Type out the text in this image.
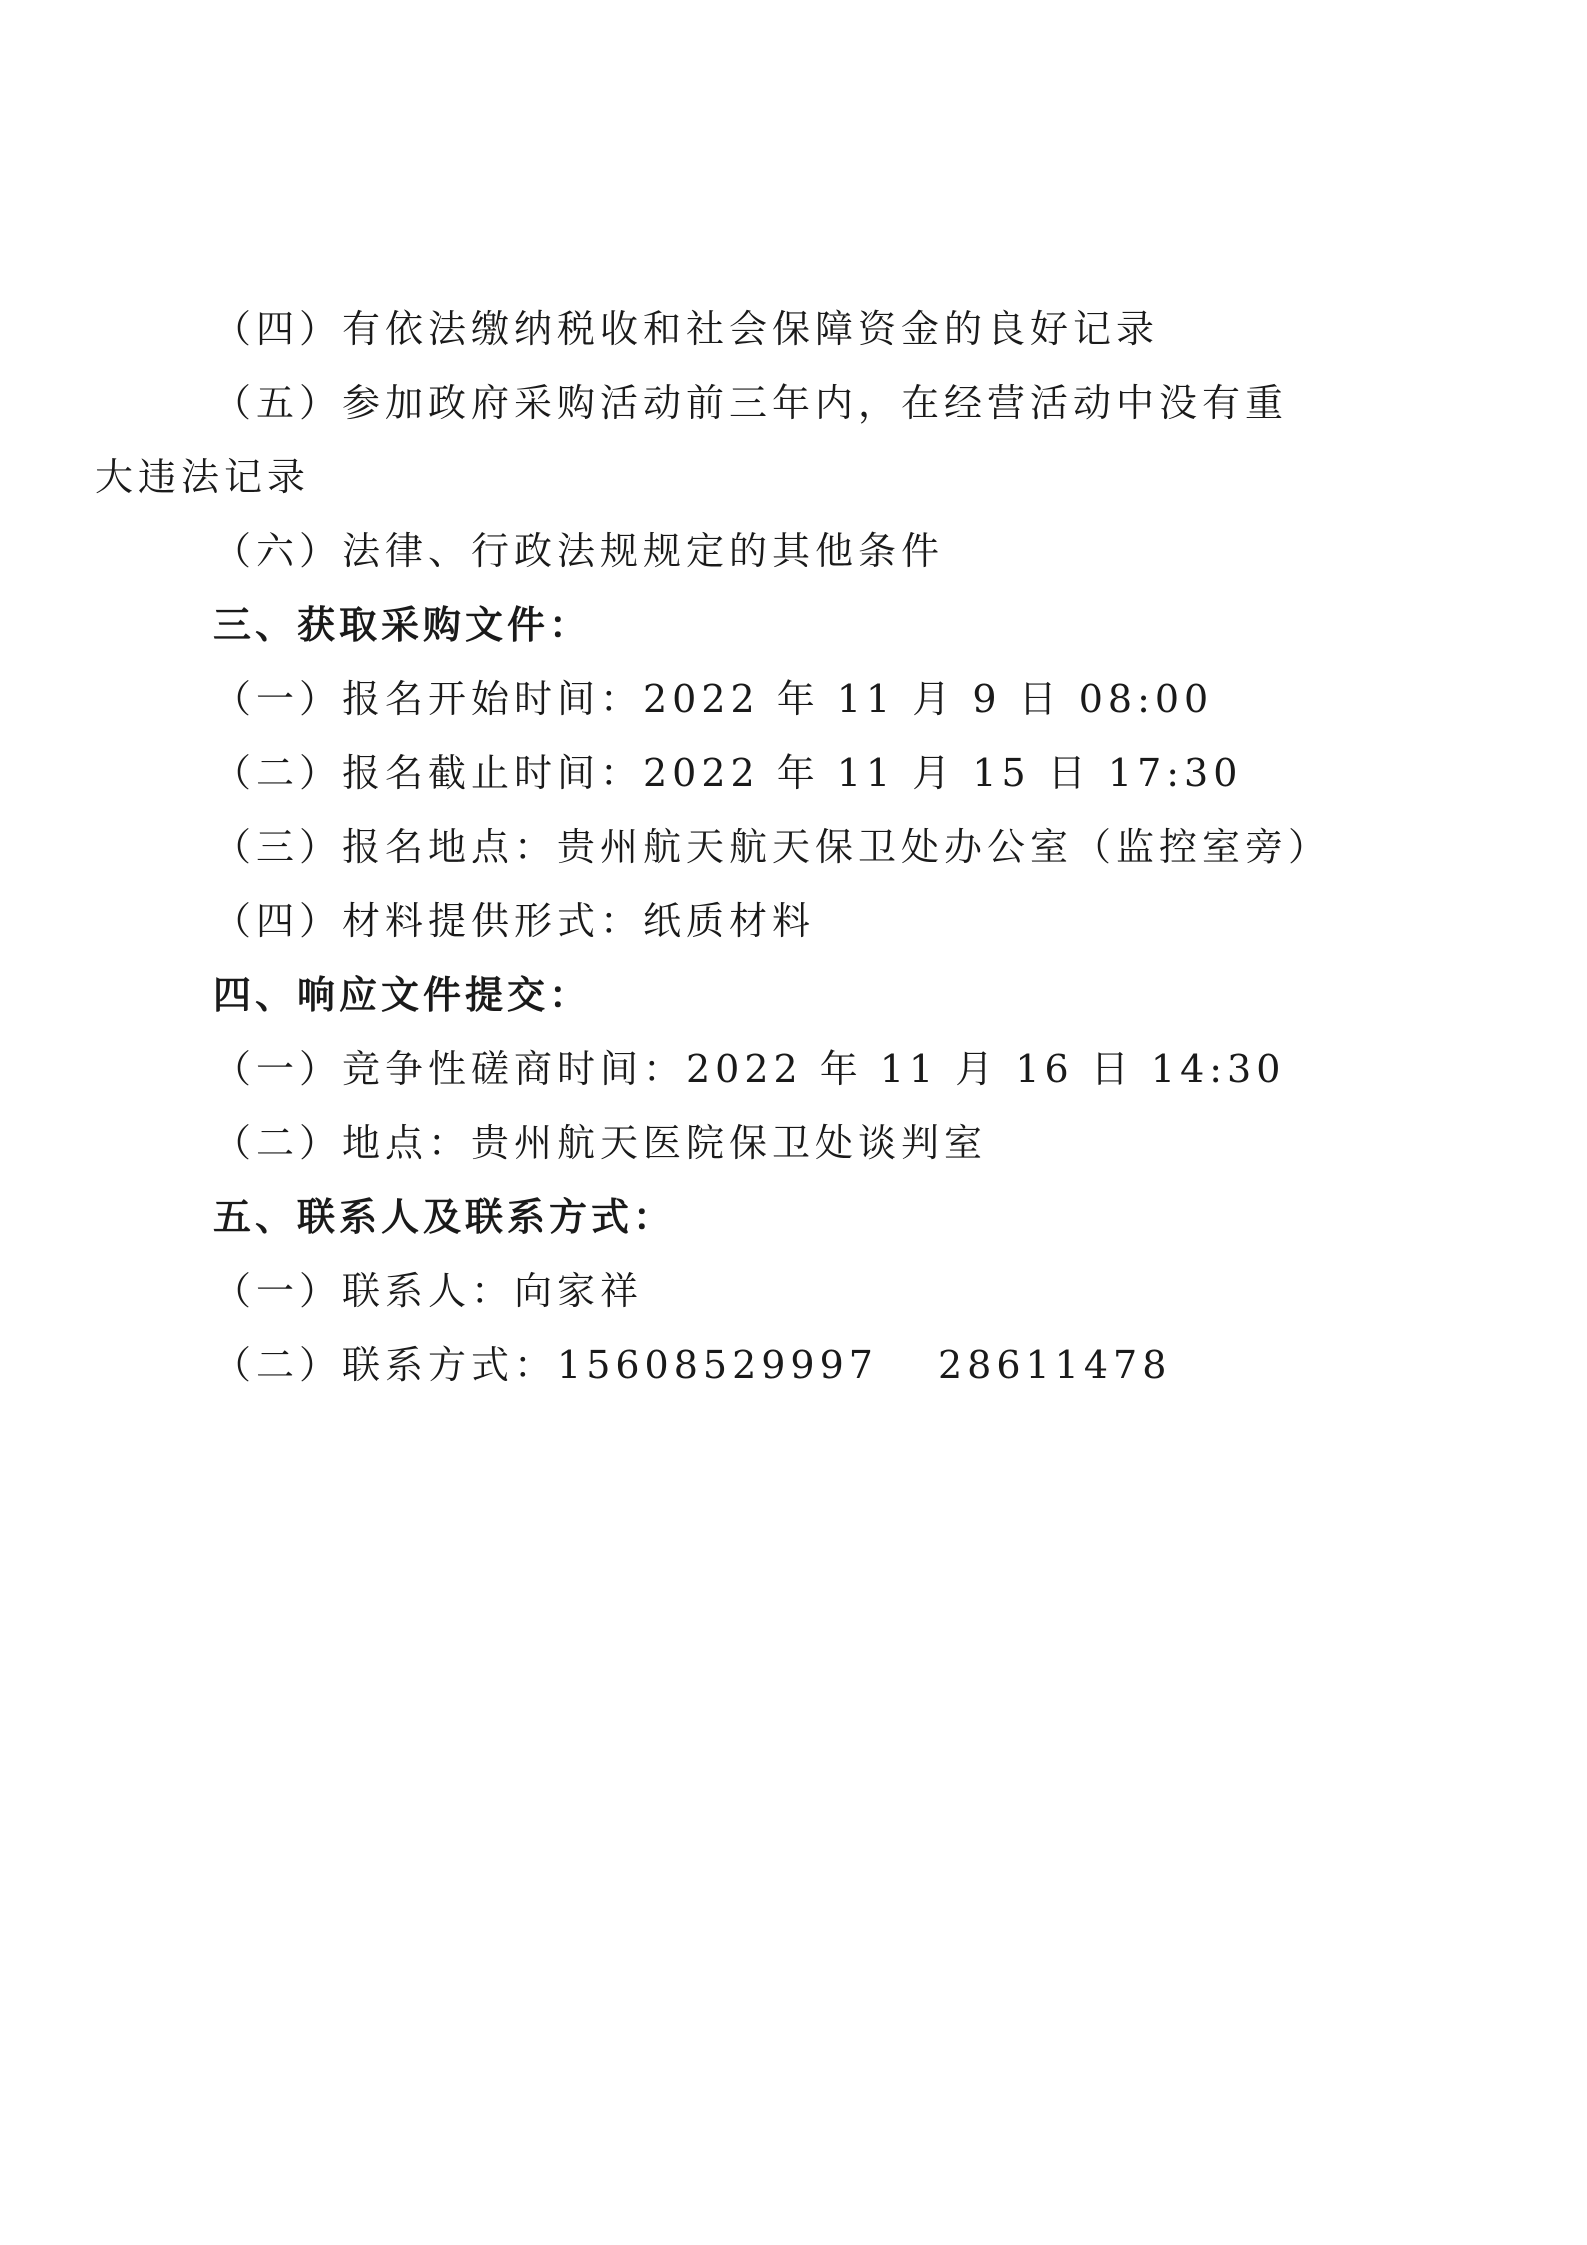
（四）有依法缴纳税收和社会保障资金的良好记录
（五）参加政府采购活动前三年内，在经营活动中没有重
大违法记录
（六）法律、行政法规规定的其他条件
三、获取采购文件：
（一）报名开始时间：2022 年 11 月 9 日 08:00
（二）报名截止时间：2022 年 11 月 15 日 17:30
（三）报名地点：贵州航天航天保卫处办公室（监控室旁）
（四）材料提供形式：纸质材料
四、响应文件提交：
（一）竞争性磋商时间：2022 年 11 月 16 日 14:30
（二）地点：贵州航天医院保卫处谈判室
五、联系人及联系方式：
（一）联系人：向家祥
（二）联系方式：15608529997 28611478
